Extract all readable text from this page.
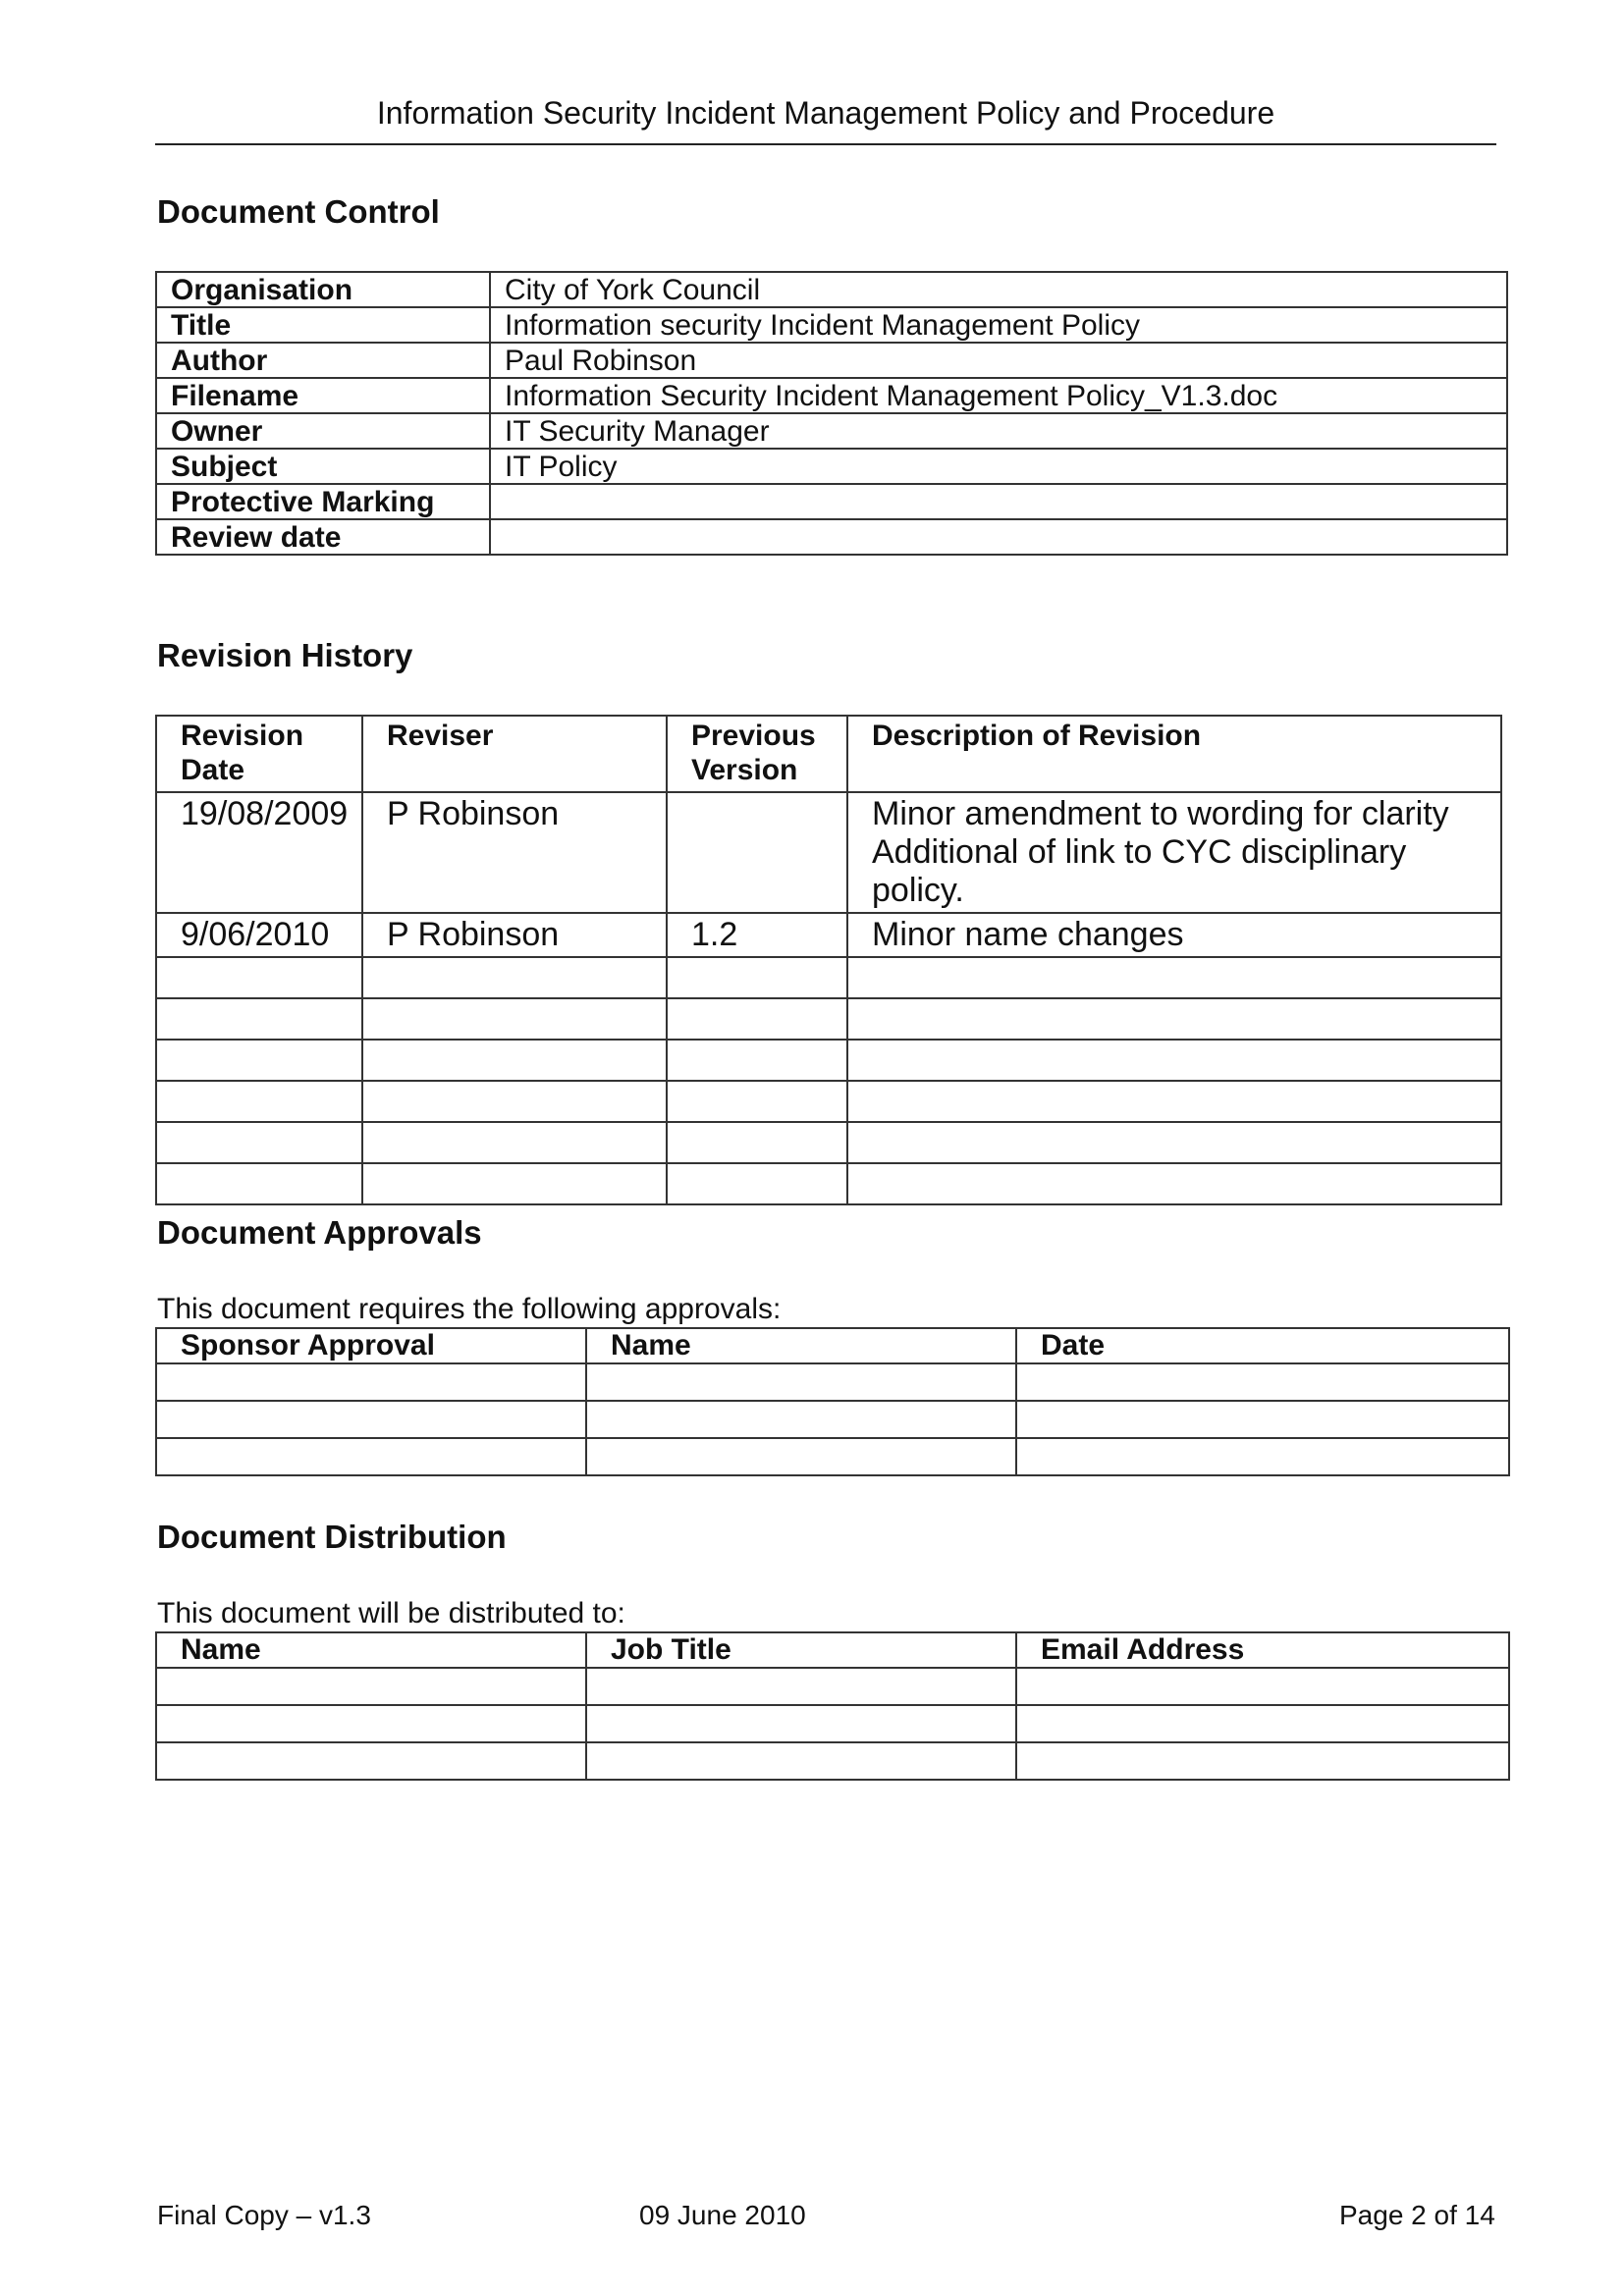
Information Security Incident Management Policy and Procedure
Document Control
Organisation	City of York Council
Title	Information security Incident Management Policy
Author	Paul Robinson
Filename	Information Security Incident Management Policy_V1.3.doc
Owner	IT Security Manager
Subject	IT Policy
Protective Marking	
Review date	
Revision History
Revision Date	Reviser	Previous Version	Description of Revision
19/08/2009	P Robinson		Minor amendment to wording for clarity Additional of link to CYC disciplinary policy.
9/06/2010	P Robinson	1.2	Minor name changes

Document Approvals
This document requires the following approvals:
Sponsor Approval	Name	Date

Document Distribution
This document will be distributed to:
Name	Job Title	Email Address

Final Copy – v1.3	09 June 2010	Page 2 of 14
